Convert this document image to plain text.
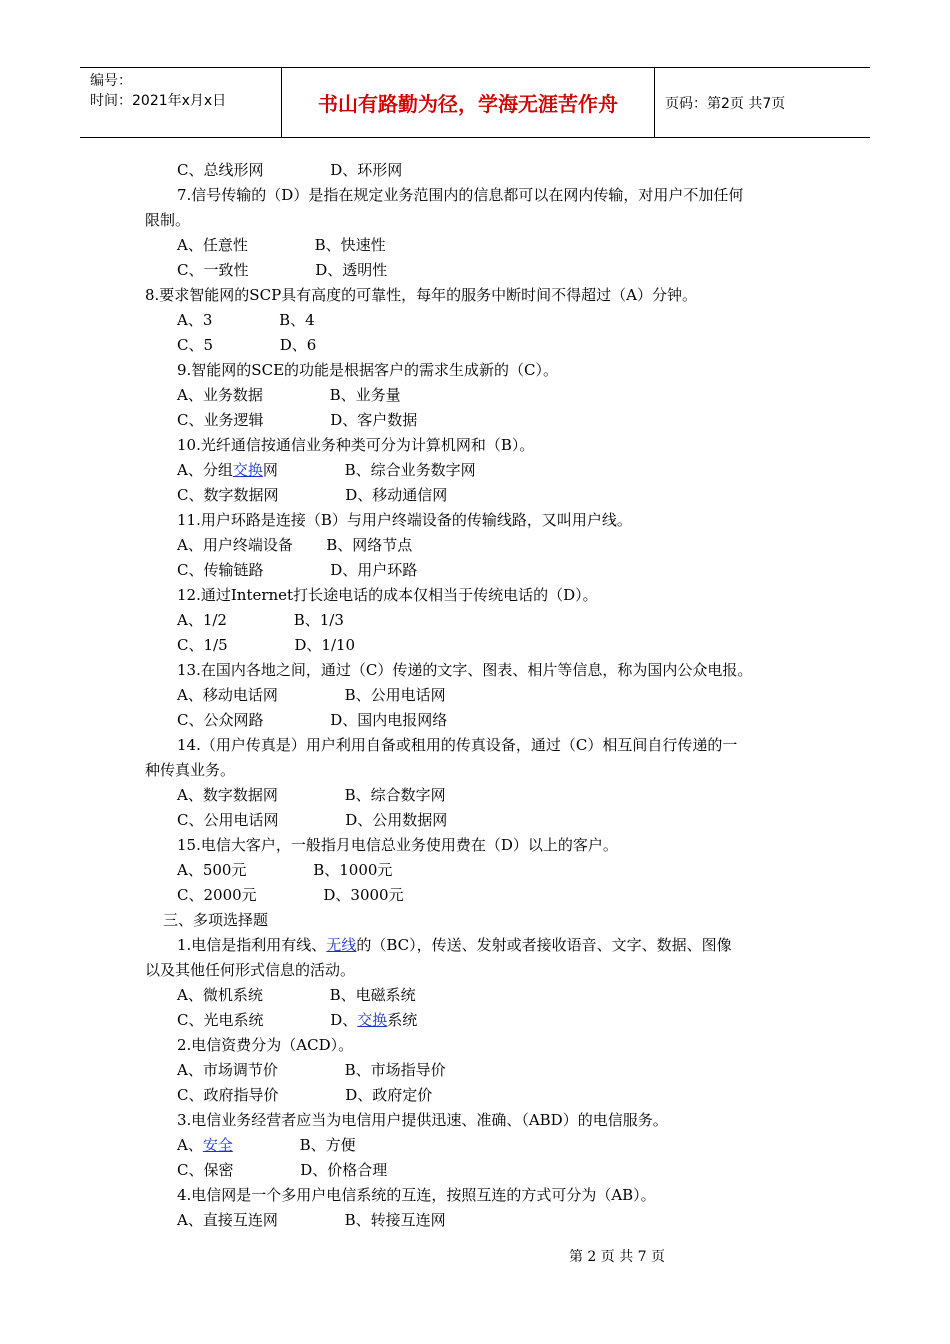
编号：
时间：2021年x月x日	书山有路勤为径，学海无涯苦作舟	页码：第2页 共7页
C、总线形网              D、环形网
7.信号传输的（D）是指在规定业务范围内的信息都可以在网内传输，对用户不加任何
限制。
A、任意性              B、快速性
C、一致性              D、透明性
8.要求智能网的SCP具有高度的可靠性，每年的服务中断时间不得超过（A）分钟。
A、3              B、4
C、5              D、6
9.智能网的SCE的功能是根据客户的需求生成新的（C）。
A、业务数据              B、业务量
C、业务逻辑              D、客户数据
10.光纤通信按通信业务种类可分为计算机网和（B）。
A、分组交换网              B、综合业务数字网
C、数字数据网              D、移动通信网
11.用户环路是连接（B）与用户终端设备的传输线路，又叫用户线。
A、用户终端设备       B、网络节点
C、传输链路              D、用户环路
12.通过Internet打长途电话的成本仅相当于传统电话的（D）。
A、1/2              B、1/3
C、1/5              D、1/10
13.在国内各地之间，通过（C）传递的文字、图表、相片等信息，称为国内公众电报。
A、移动电话网              B、公用电话网
C、公众网路              D、国内电报网络
14.（用户传真是）用户利用自备或租用的传真设备，通过（C）相互间自行传递的一
种传真业务。
A、数字数据网              B、综合数字网
C、公用电话网              D、公用数据网
15.电信大客户，一般指月电信总业务使用费在（D）以上的客户。
A、500元              B、1000元
C、2000元              D、3000元
三、多项选择题
1.电信是指利用有线、无线的（BC），传送、发射或者接收语音、文字、数据、图像
以及其他任何形式信息的活动。
A、微机系统              B、电磁系统
C、光电系统              D、交换系统
2.电信资费分为（ACD）。
A、市场调节价              B、市场指导价
C、政府指导价              D、政府定价
3.电信业务经营者应当为电信用户提供迅速、准确、（ABD）的电信服务。
A、安全              B、方便
C、保密              D、价格合理
4.电信网是一个多用户电信系统的互连，按照互连的方式可分为（AB）。
A、直接互连网              B、转接互连网
第 2 页 共 7 页
